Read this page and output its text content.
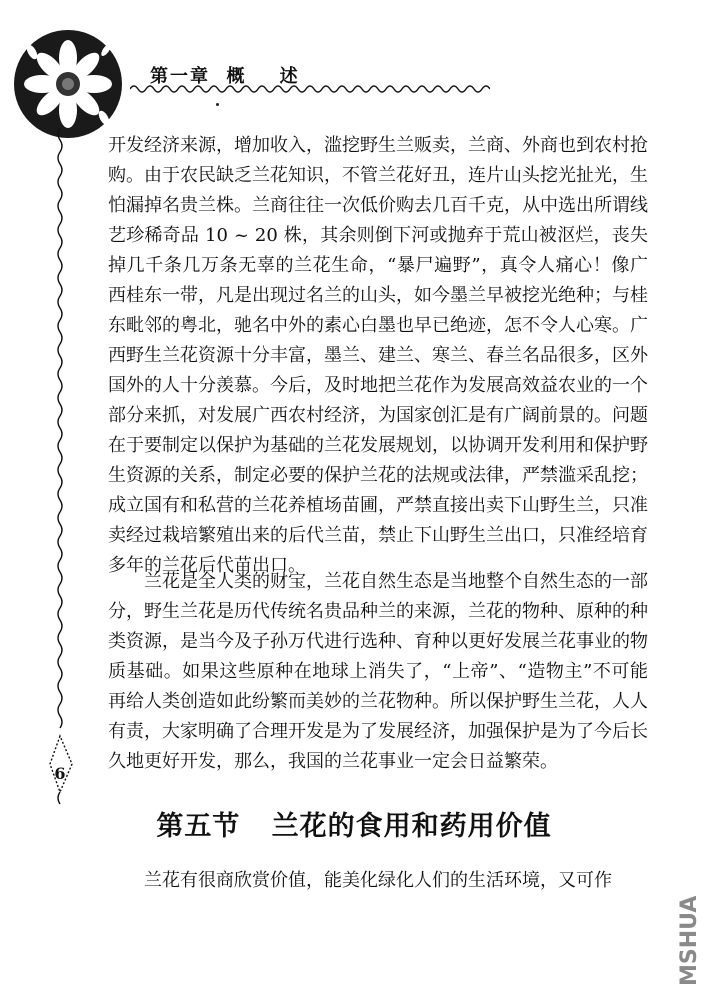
第一章  概    述
6

开发经济来源，增加收入，滥挖野生兰贩卖，兰商、外商也到农村抢购。由于农民缺乏兰花知识，不管兰花好丑，连片山头挖光扯光，生怕漏掉名贵兰株。兰商往往一次低价购去几百千克，从中选出所谓线艺珍稀奇品 10 ~ 20 株，其余则倒下河或抛弃于荒山被沤烂，丧失掉几千条几万条无辜的兰花生命，“暴尸遍野”，真令人痛心！像广西桂东一带，凡是出现过名兰的山头，如今墨兰早被挖光绝种；与桂东毗邻的粤北，驰名中外的素心白墨也早已绝迹，怎不令人心寒。广西野生兰花资源十分丰富，墨兰、建兰、寒兰、春兰名品很多，区外国外的人十分羡慕。今后，及时地把兰花作为发展高效益农业的一个部分来抓，对发展广西农村经济，为国家创汇是有广阔前景的。问题在于要制定以保护为基础的兰花发展规划，以协调开发利用和保护野生资源的关系，制定必要的保护兰花的法规或法律，严禁滥采乱挖；成立国有和私营的兰花养植场苗圃，严禁直接出卖下山野生兰，只准卖经过栽培繁殖出来的后代兰苗，禁止下山野生兰出口，只准经培育多年的兰花后代苗出口。

兰花是全人类的财宝，兰花自然生态是当地整个自然生态的一部分，野生兰花是历代传统名贵品种兰的来源，兰花的物种、原种的种类资源，是当今及子孙万代进行选种、育种以更好发展兰花事业的物质基础。如果这些原种在地球上消失了，“上帝”、“造物主”不可能再给人类创造如此纷繁而美妙的兰花物种。所以保护野生兰花，人人有责，大家明确了合理开发是为了发展经济，加强保护是为了今后长久地更好开发，那么，我国的兰花事业一定会日益繁荣。

第五节   兰花的食用和药用价值

兰花有很商欣赏价值，能美化绿化人们的生活环境，又可作

MSHUA
